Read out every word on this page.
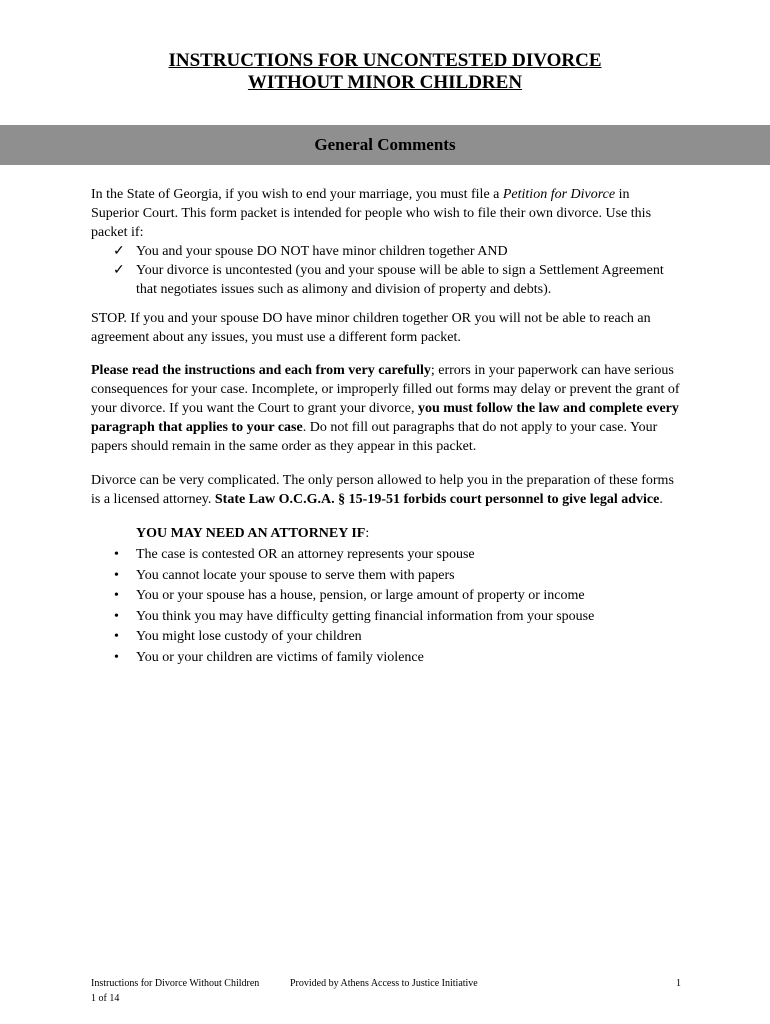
INSTRUCTIONS FOR UNCONTESTED DIVORCE
WITHOUT MINOR CHILDREN
General Comments

In the State of Georgia, if you wish to end your marriage, you must file a Petition for Divorce in Superior Court. This form packet is intended for people who wish to file their own divorce. Use this packet if:

✓ You and your spouse DO NOT have minor children together AND
✓ Your divorce is uncontested (you and your spouse will be able to sign a Settlement Agreement that negotiates issues such as alimony and division of property and debts).

STOP. If you and your spouse DO have minor children together OR you will not be able to reach an agreement about any issues, you must use a different form packet.

Please read the instructions and each from very carefully; errors in your paperwork can have serious consequences for your case. Incomplete, or improperly filled out forms may delay or prevent the grant of your divorce. If you want the Court to grant your divorce, you must follow the law and complete every paragraph that applies to your case. Do not fill out paragraphs that do not apply to your case. Your papers should remain in the same order as they appear in this packet.

Divorce can be very complicated. The only person allowed to help you in the preparation of these forms is a licensed attorney. State Law O.C.G.A. § 15-19-51 forbids court personnel to give legal advice.

YOU MAY NEED AN ATTORNEY IF:

• The case is contested OR an attorney represents your spouse
• You cannot locate your spouse to serve them with papers
• You or your spouse has a house, pension, or large amount of property or income
• You think you may have difficulty getting financial information from your spouse
• You might lose custody of your children
• You or your children are victims of family violence
Instructions for Divorce Without Children	Provided by Athens Access to Justice Initiative	1
1 of 14
